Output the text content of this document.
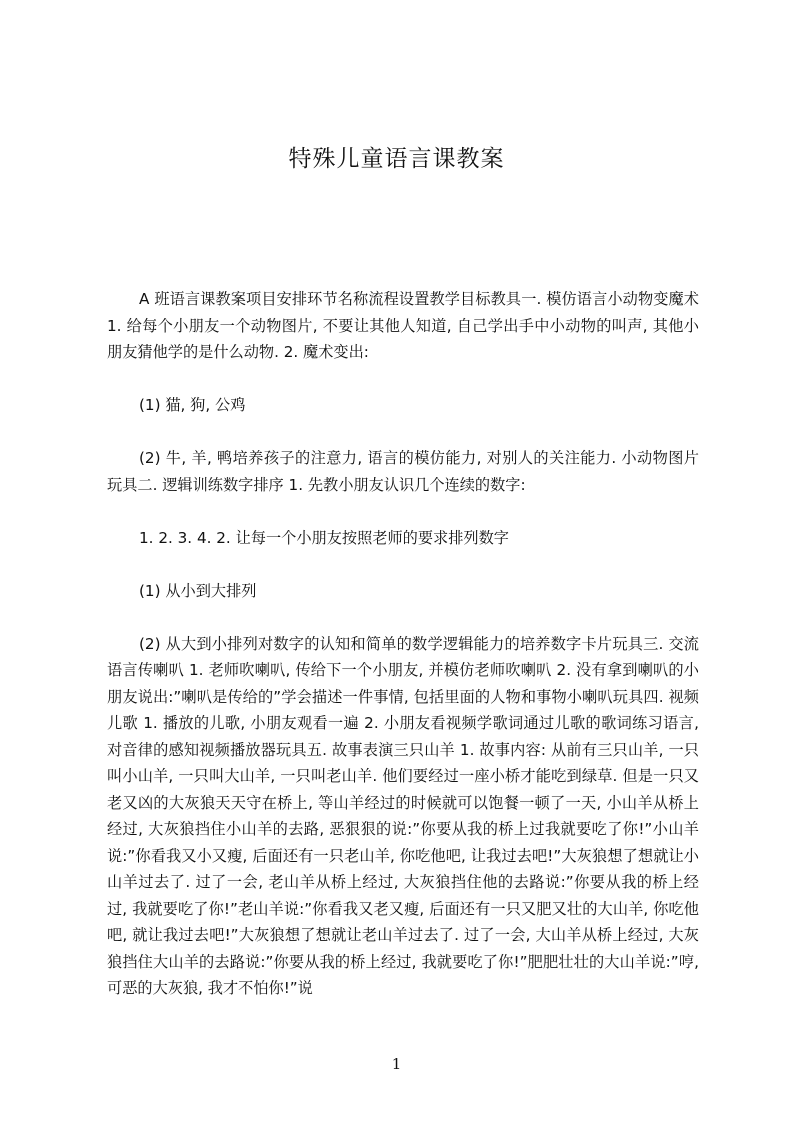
特殊儿童语言课教案

A 班语言课教案项目安排环节名称流程设置教学目标教具一. 模仿语言小动物变魔术 1. 给每个小朋友一个动物图片, 不要让其他人知道, 自己学出手中小动物的叫声, 其他小朋友猜他学的是什么动物. 2. 魔术变出:

(1) 猫, 狗, 公鸡

(2) 牛, 羊, 鸭培养孩子的注意力, 语言的模仿能力, 对别人的关注能力. 小动物图片玩具二. 逻辑训练数字排序 1. 先教小朋友认识几个连续的数字:

1. 2. 3. 4. 2. 让每一个小朋友按照老师的要求排列数字

(1) 从小到大排列

(2) 从大到小排列对数字的认知和简单的数学逻辑能力的培养数字卡片玩具三. 交流语言传喇叭 1. 老师吹喇叭, 传给下一个小朋友, 并模仿老师吹喇叭 2. 没有拿到喇叭的小朋友说出:”喇叭是传给的”学会描述一件事情, 包括里面的人物和事物小喇叭玩具四. 视频儿歌 1. 播放的儿歌, 小朋友观看一遍 2. 小朋友看视频学歌词通过儿歌的歌词练习语言, 对音律的感知视频播放器玩具五. 故事表演三只山羊 1. 故事内容: 从前有三只山羊, 一只叫小山羊, 一只叫大山羊, 一只叫老山羊. 他们要经过一座小桥才能吃到绿草. 但是一只又老又凶的大灰狼天天守在桥上, 等山羊经过的时候就可以饱餐一顿了一天, 小山羊从桥上经过, 大灰狼挡住小山羊的去路, 恶狠狠的说:”你要从我的桥上过我就要吃了你!”小山羊说:”你看我又小又瘦, 后面还有一只老山羊, 你吃他吧, 让我过去吧!”大灰狼想了想就让小山羊过去了. 过了一会, 老山羊从桥上经过, 大灰狼挡住他的去路说:”你要从我的桥上经过, 我就要吃了你!”老山羊说:”你看我又老又瘦, 后面还有一只又肥又壮的大山羊, 你吃他吧, 就让我过去吧!”大灰狼想了想就让老山羊过去了. 过了一会, 大山羊从桥上经过, 大灰狼挡住大山羊的去路说:”你要从我的桥上经过, 我就要吃了你!”肥肥壮壮的大山羊说:”哼, 可恶的大灰狼, 我才不怕你!”说

1
